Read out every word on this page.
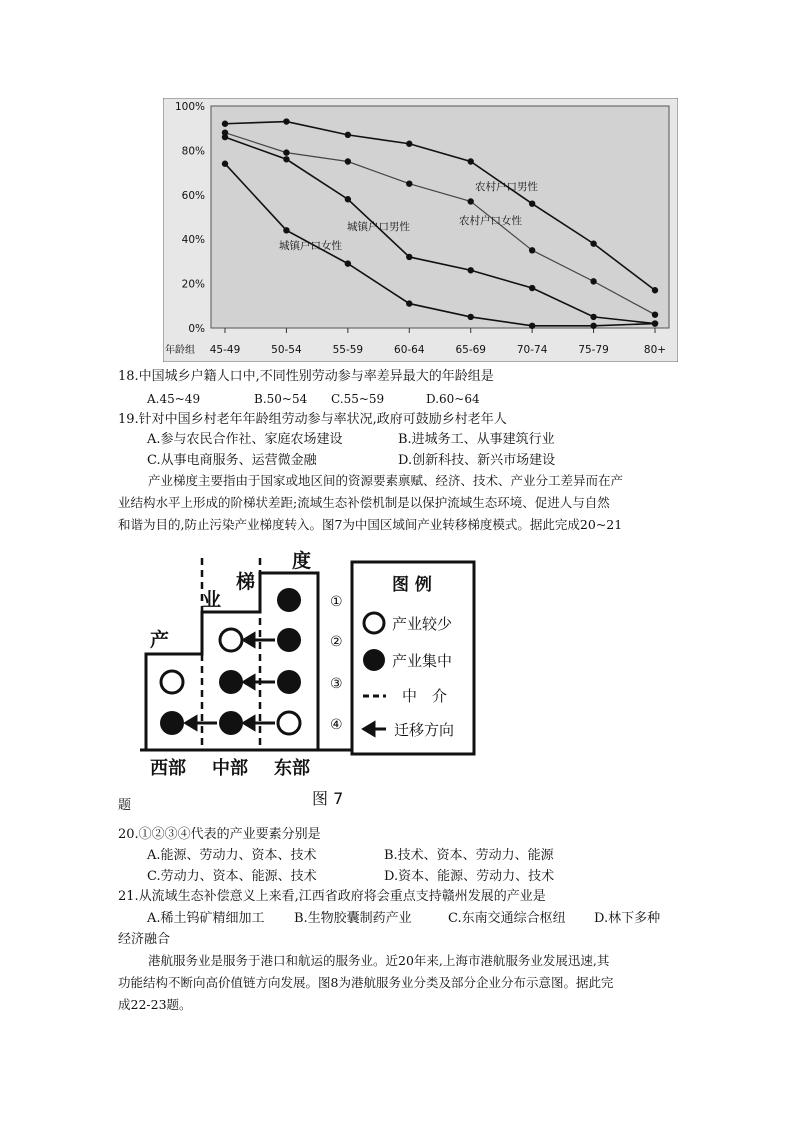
100%
80%
60%
40%
20%
0%
45-49	50-54	55-59	60-64	65-69	70-74	75-79	80+
农村户口男性
农村户口女性
城镇户口男性
城镇户口女性
年龄组
18.中国城乡户籍人口中,不同性别劳动参与率差异最大的年龄组是
A.45~49	B.50~54 C.55~59	D.60~64
19.针对中国乡村老年年龄组劳动参与率状况,政府可鼓励乡村老年人
A.参与农民合作社、家庭农场建设	B.进城务工、从事建筑行业
C.从事电商服务、运营微金融	D.创新科技、新兴市场建设
产业梯度主要指由于国家或地区间的资源要素禀赋、经济、技术、产业分工差异而在产
业结构水平上形成的阶梯状差距;流域生态补偿机制是以保护流域生态环境、促进人与自然
和谐为目的,防止污染产业梯度转入。图7为中国区域间产业转移梯度模式。据此完成20~21
产
业
梯
度
①
②
③
④
西部 中部 东部
图 例
产业较少
产业集中
中　介
迁移方向
图 7
题
20.①②③④代表的产业要素分别是
A.能源、劳动力、资本、技术	B.技术、资本、劳动力、能源
C.劳动力、资本、能源、技术	D.资本、能源、劳动力、技术
21.从流域生态补偿意义上来看,江西省政府将会重点支持赣州发展的产业是
A.稀土钨矿精细加工 B.生物胶囊制药产业	C.东南交通综合枢纽 D.林下多种
经济融合
港航服务业是服务于港口和航运的服务业。近20年来,上海市港航服务业发展迅速,其
功能结构不断向高价值链方向发展。图8为港航服务业分类及部分企业分布示意图。据此完
成22-23题。
